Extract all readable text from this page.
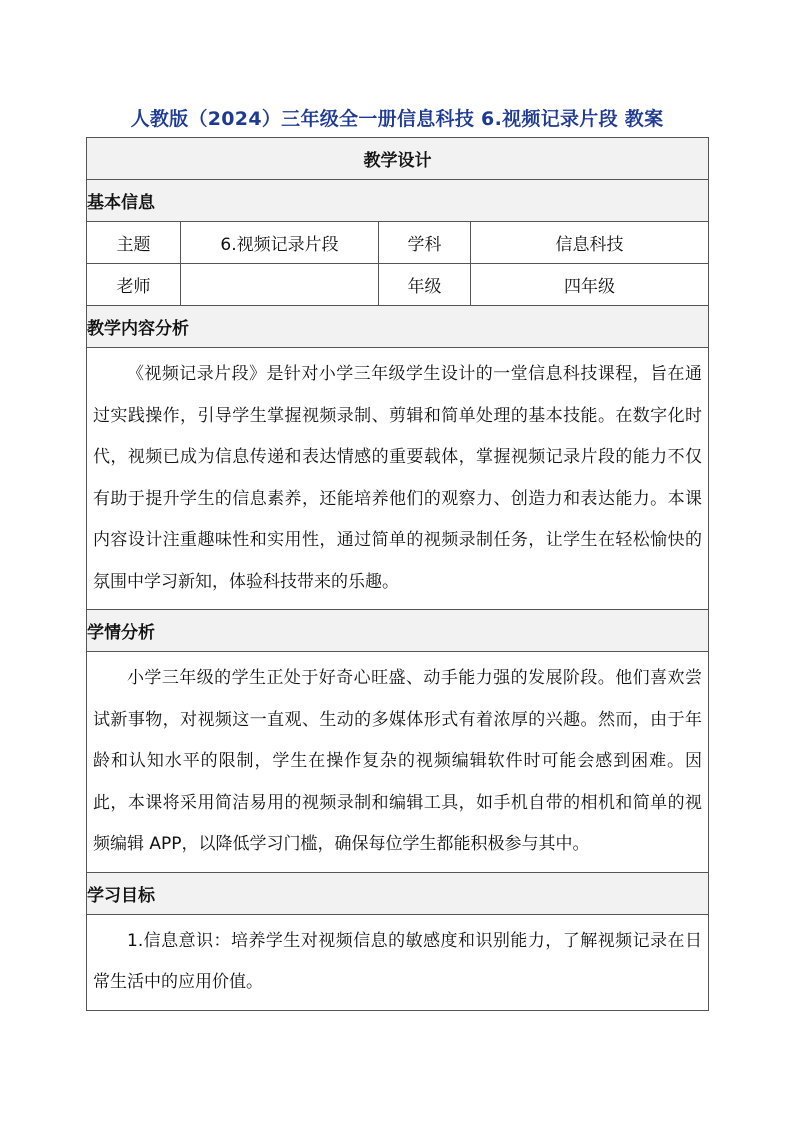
人教版（2024）三年级全一册信息科技 6.视频记录片段 教案
教学设计			
基本信息			
主题	6.视频记录片段	学科	信息科技
老师		年级	四年级
教学内容分析			

《视频记录片段》是针对小学三年级学生设计的一堂信息科技课程，旨在通过实践操作，引导学生掌握视频录制、剪辑和简单处理的基本技能。在数字化时代，视频已成为信息传递和表达情感的重要载体，掌握视频记录片段的能力不仅有助于提升学生的信息素养，还能培养他们的观察力、创造力和表达能力。本课内容设计注重趣味性和实用性，通过简单的视频录制任务，让学生在轻松愉快的氛围中学习新知，体验科技带来的乐趣。			

学情分析			

小学三年级的学生正处于好奇心旺盛、动手能力强的发展阶段。他们喜欢尝试新事物，对视频这一直观、生动的多媒体形式有着浓厚的兴趣。然而，由于年龄和认知水平的限制，学生在操作复杂的视频编辑软件时可能会感到困难。因此，本课将采用简洁易用的视频录制和编辑工具，如手机自带的相机和简单的视频编辑 APP，以降低学习门槛，确保每位学生都能积极参与其中。			

学习目标			

1.信息意识：培养学生对视频信息的敏感度和识别能力，了解视频记录在日常生活中的应用价值。			
